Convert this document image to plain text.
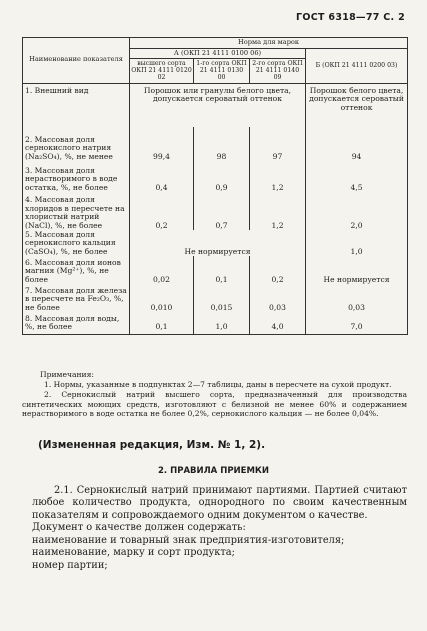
ГОСТ 6318—77 С. 2
Наименование показателя	Норма для марок			
	А (ОКП 21 4111 0100 06)			Б (ОКП 21 4111 0200 03)
	высшего сорта ОКП 21 4111 0120 02	1-го сорта ОКП 21 4111 0130 00	2-го сорта ОКП 21 4111 0140 09	
1. Внешний вид	Порошок или гранулы белого цвета, допускается сероватый оттенок			Порошок белого цвета, допускается сероватый оттенок
2. Массовая доля сернокислого натрия (Na₂SO₄), %, не менее	99,4	98	97	94
3. Массовая доля нерастворимого в воде остатка, %, не более	0,4	0,9	1,2	4,5
4. Массовая доля хлоридов в пересчете на хлористый натрий (NaCl), %, не более	0,2	0,7	1,2	2,0
5. Массовая доля сернокислого кальция (CaSO₄), %, не более	Не нормируется			1,0
6. Массовая доля ионов магния (Mg²⁺), %, не более	0,02	0,1	0,2	Не нормируется
7. Массовая доля железа в пересчете на Fe₂O₃, %, не более	0,010	0,015	0,03	0,03
8. Массовая доля воды, %, не более	0,1	1,0	4,0	7,0
Примечания:

1. Нормы, указанные в подпунктах 2—7 таблицы, даны в пересчете на сухой продукт.

2. Сернокислый натрий высшего сорта, предназначенный для производства синтетических моющих средств, изготовляют с белизной не менее 60% и содержанием нерастворимого в воде остатка не более 0,2%, сернокислого кальция — не более 0,04%.

(Измененная редакция, Изм. № 1, 2).
2. ПРАВИЛА ПРИЕМКИ

2.1. Сернокислый натрий принимают партиями. Партией считают любое количество продукта, однородного по своим качественным показателям и сопровождаемого одним документом о качестве.

Документ о качестве должен содержать:

наименование и товарный знак предприятия-изготовителя;

наименование, марку и сорт продукта;

номер партии;
